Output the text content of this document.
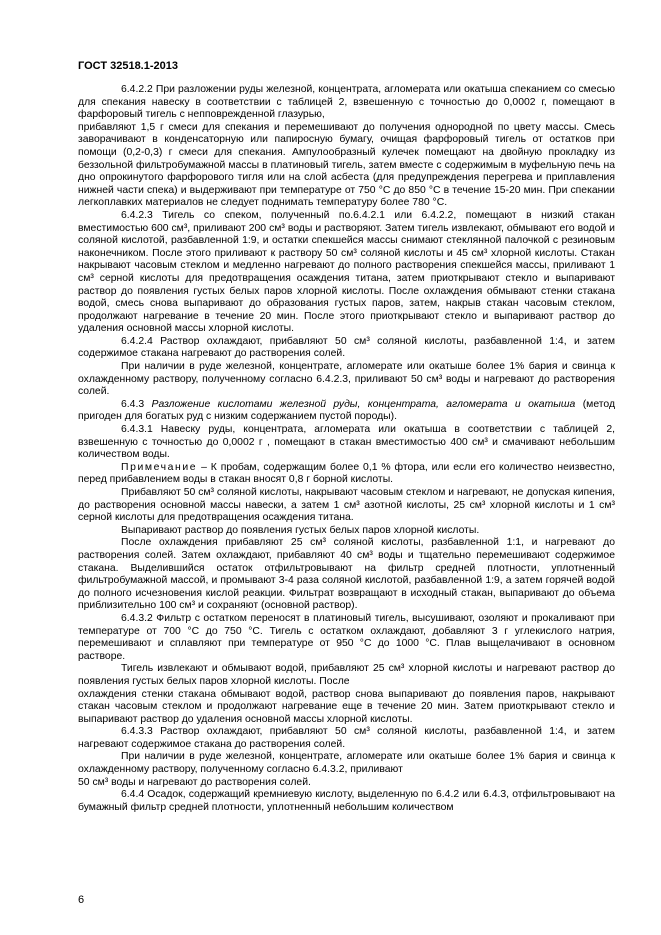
ГОСТ 32518.1-2013

6.4.2.2 При разложении руды железной, концентрата, агломерата или окатыша спеканием со смесью для спекания навеску в соответствии с таблицей 2, взвешенную с точностью до 0,0002 г, помещают в фарфоровый тигель с непповрежденной глазурью,

прибавляют 1,5 г смеси для спекания и перемешивают до получения однородной по цвету массы. Смесь заворачивают в конденсаторную или папиросную бумагу, очищая фарфоровый тигель от остатков при помощи (0,2-0,3) г смеси для спекания. Ампулообразный кулечек помещают на двойную прокладку из беззольной фильтробумажной массы в платиновый тигель, затем вместе с содержимым в муфельную печь на дно опрокинутого фарфорового тигля или на слой асбеста (для предупреждения перегрева и приплавления нижней части спека) и выдерживают при температуре от 750 °С до 850 °С в течение 15-20 мин. При спекании легкоплавких материалов не следует поднимать температуру более 780 °С.

6.4.2.3 Тигель со спеком, полученный по.6.4.2.1 или 6.4.2.2, помещают в низкий стакан вместимостью 600 см³, приливают 200 см³ воды и растворяют. Затем тигель извлекают, обмывают его водой и соляной кислотой, разбавленной 1:9, и остатки спекшейся массы снимают стеклянной палочкой с резиновым наконечником. После этого приливают к раствору 50 см³ соляной кислоты и 45 см³ хлорной кислоты. Стакан накрывают часовым стеклом и медленно нагревают до полного растворения спекшейся массы, приливают 1 см³ серной кислоты для предотвращения осаждения титана, затем приоткрывают стекло и выпаривают раствор до появления густых белых паров хлорной кислоты. После охлаждения обмывают стенки стакана водой, смесь снова выпаривают до образования густых паров, затем, накрыв стакан часовым стеклом, продолжают нагревание в течение 20 мин. После этого приоткрывают стекло и выпаривают раствор до удаления основной массы хлорной кислоты.

6.4.2.4 Раствор охлаждают, прибавляют 50 см³ соляной кислоты, разбавленной 1:4, и затем содержимое стакана нагревают до растворения солей.

При наличии в руде железной, концентрате, агломерате или окатыше более 1% бария и свинца к охлажденному раствору, полученному согласно 6.4.2.3, приливают 50 см³ воды и нагревают до растворения солей.

6.4.3 Разложение кислотами железной руды, концентрата, агломерата и окатыша (метод пригоден для богатых руд с низким содержанием пустой породы).

6.4.3.1 Навеску руды, концентрата, агломерата или окатыша в соответствии с таблицей 2, взвешенную с точностью до 0,0002 г , помещают в стакан вместимостью 400 см³ и смачивают небольшим количеством воды.

Примечание – К пробам, содержащим более 0,1 % фтора, или если его количество неизвестно, перед прибавлением воды в стакан вносят 0,8 г борной кислоты.

Прибавляют 50 см³ соляной кислоты, накрывают часовым стеклом и нагревают, не допуская кипения, до растворения основной массы навески, а затем 1 см³ азотной кислоты, 25 см³ хлорной кислоты и 1 см³ серной кислоты для предотвращения осаждения титана.

Выпаривают раствор до появления густых белых паров хлорной кислоты.

После охлаждения прибавляют 25 см³ соляной кислоты, разбавленной 1:1, и нагревают до растворения солей. Затем охлаждают, прибавляют 40 см³ воды и тщательно перемешивают содержимое стакана. Выделившийся остаток отфильтровывают на фильтр средней плотности, уплотненный фильтробумажной массой, и промывают 3-4 раза соляной кислотой, разбавленной 1:9, а затем горячей водой до полного исчезновения кислой реакции. Фильтрат возвращают в исходный стакан, выпаривают до объема приблизительно 100 см³ и сохраняют (основной раствор).

6.4.3.2 Фильтр с остатком переносят в платиновый тигель, высушивают, озоляют и прокаливают при температуре от 700 °С до 750 °С. Тигель с остатком охлаждают, добавляют 3 г углекислого натрия, перемешивают и сплавляют при температуре от 950 °С до 1000 °С. Плав выщелачивают в основном растворе.

Тигель извлекают и обмывают водой, прибавляют 25 см³ хлорной кислоты и нагревают раствор до появления густых белых паров хлорной кислоты. После

охлаждения стенки стакана обмывают водой, раствор снова выпаривают до появления паров, накрывают стакан часовым стеклом и продолжают нагревание еще в течение 20 мин. Затем приоткрывают стекло и выпаривают раствор до удаления основной массы хлорной кислоты.

6.4.3.3 Раствор охлаждают, прибавляют 50 см³ соляной кислоты, разбавленной 1:4, и затем нагревают содержимое стакана до растворения солей.

При наличии в руде железной, концентрате, агломерате или окатыше более 1% бария и свинца к охлажденному раствору, полученному согласно 6.4.3.2, приливают

50 см³ воды и нагревают до растворения солей.

6.4.4 Осадок, содержащий кремниевую кислоту, выделенную по 6.4.2 или 6.4.3, отфильтровывают на бумажный фильтр средней плотности, уплотненный небольшим количеством

6
